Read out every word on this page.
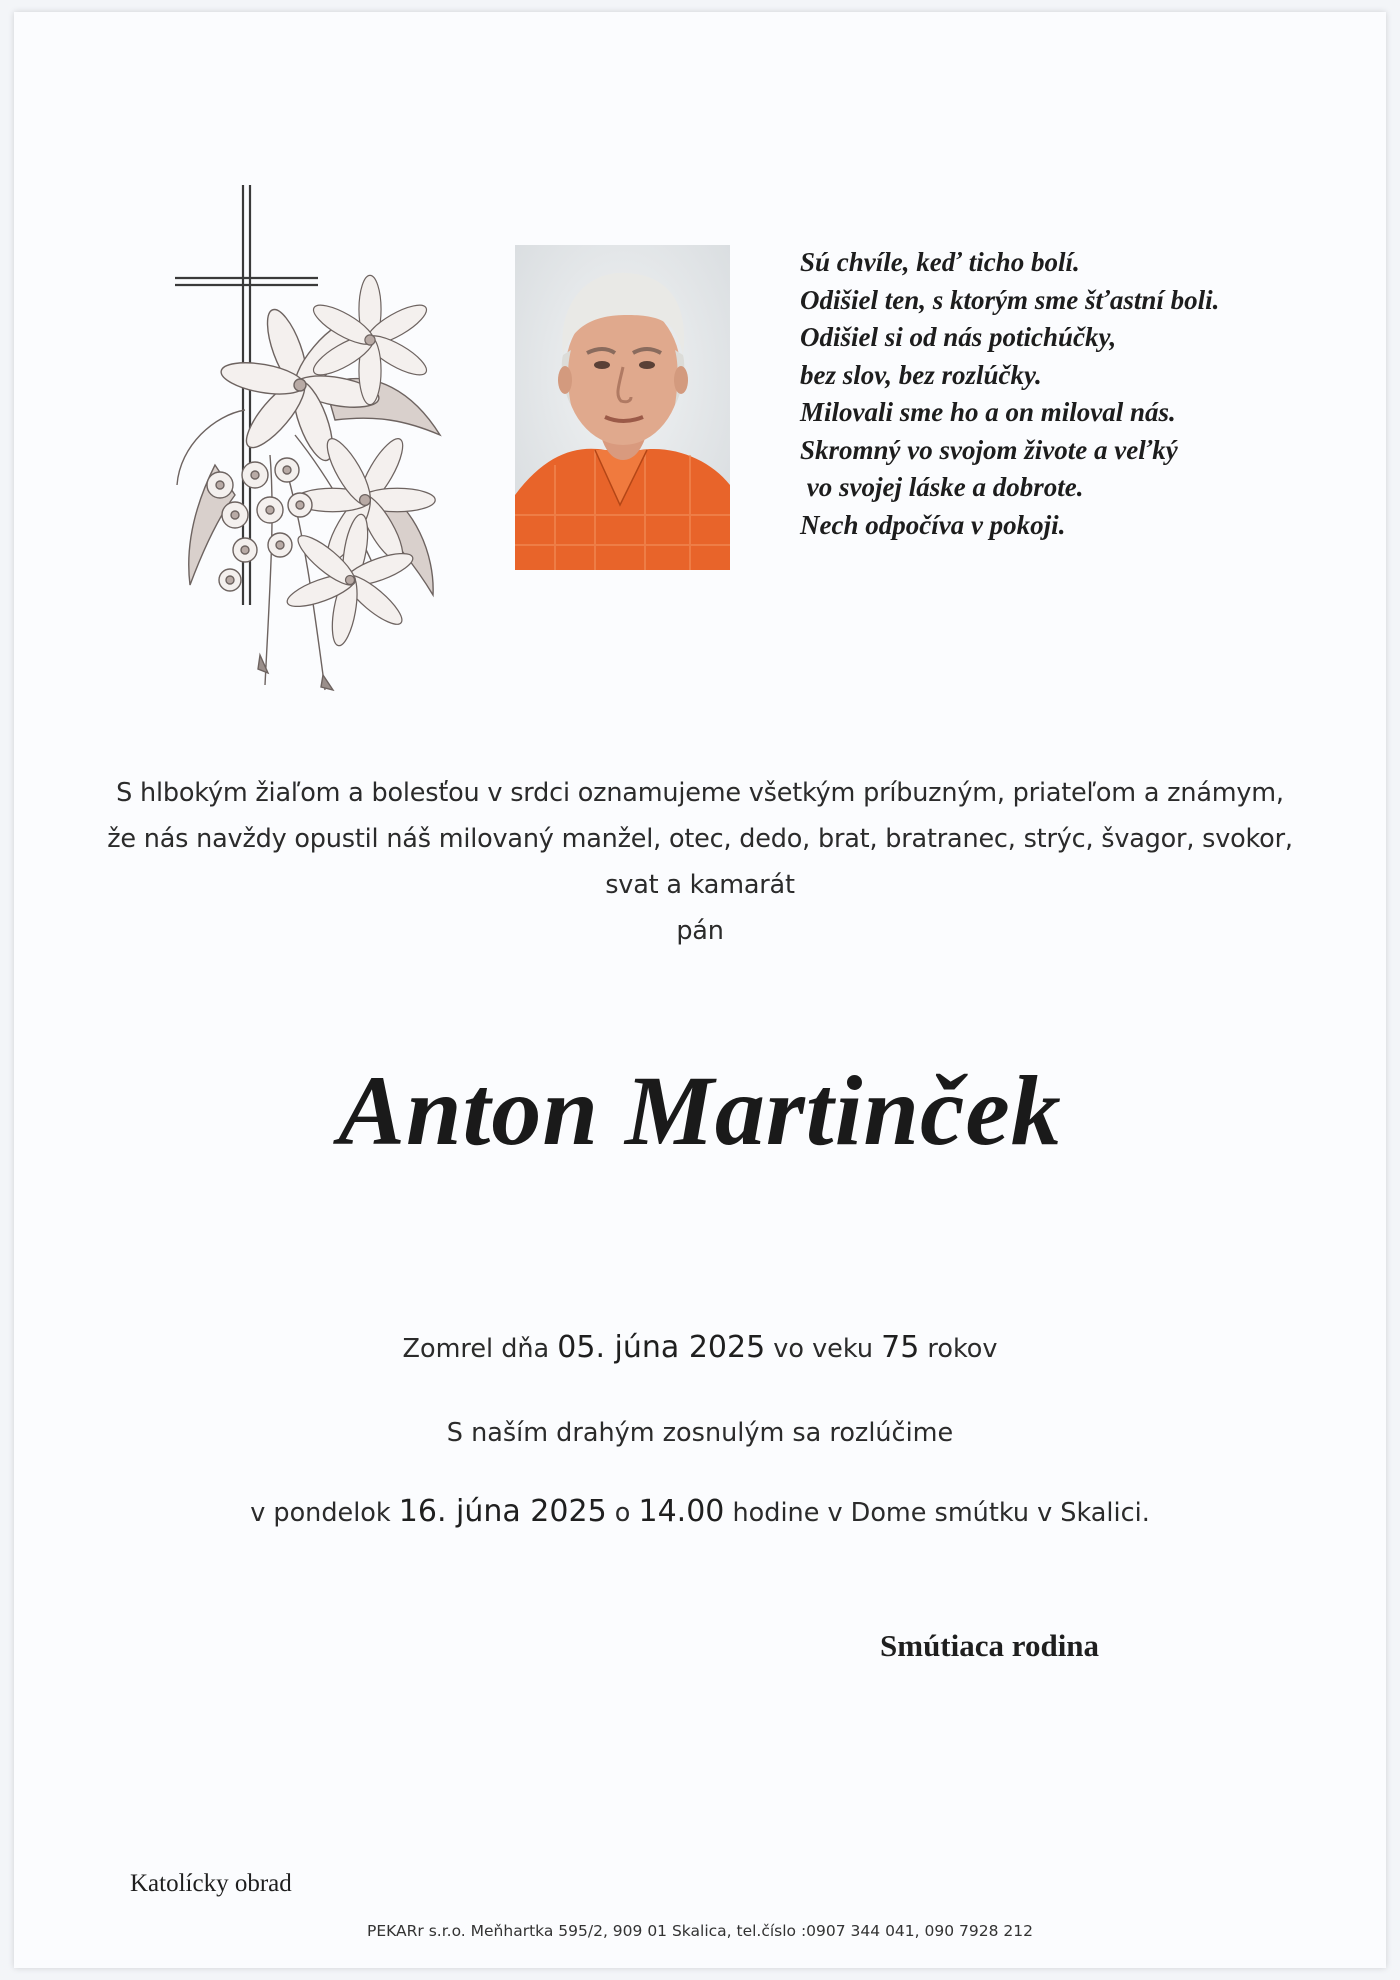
Sú chvíle, keď ticho bolí.
Odišiel ten, s ktorým sme šťastní boli.
Odišiel si od nás potichúčky,
bez slov, bez rozlúčky.
Milovali sme ho a on miloval nás.
Skromný vo svojom živote a veľký
vo svojej láske a dobrote.
Nech odpočíva v pokoji.
S hlbokým žiaľom a bolesťou v srdci oznamujeme všetkým príbuzným, priateľom a známym,
že nás navždy opustil náš milovaný manžel, otec, dedo, brat, bratranec, strýc, švagor, svokor,
svat a kamarát
pán
Anton Martinček
Zomrel dňa 05. júna 2025 vo veku 75 rokov
S naším drahým zosnulým sa rozlúčime
v pondelok 16. júna 2025 o 14.00 hodine v Dome smútku v Skalici.
Smútiaca rodina
Katolícky obrad
PEKARr s.r.o. Meňhartka 595/2, 909 01 Skalica, tel.číslo :0907 344 041, 090 7928 212
